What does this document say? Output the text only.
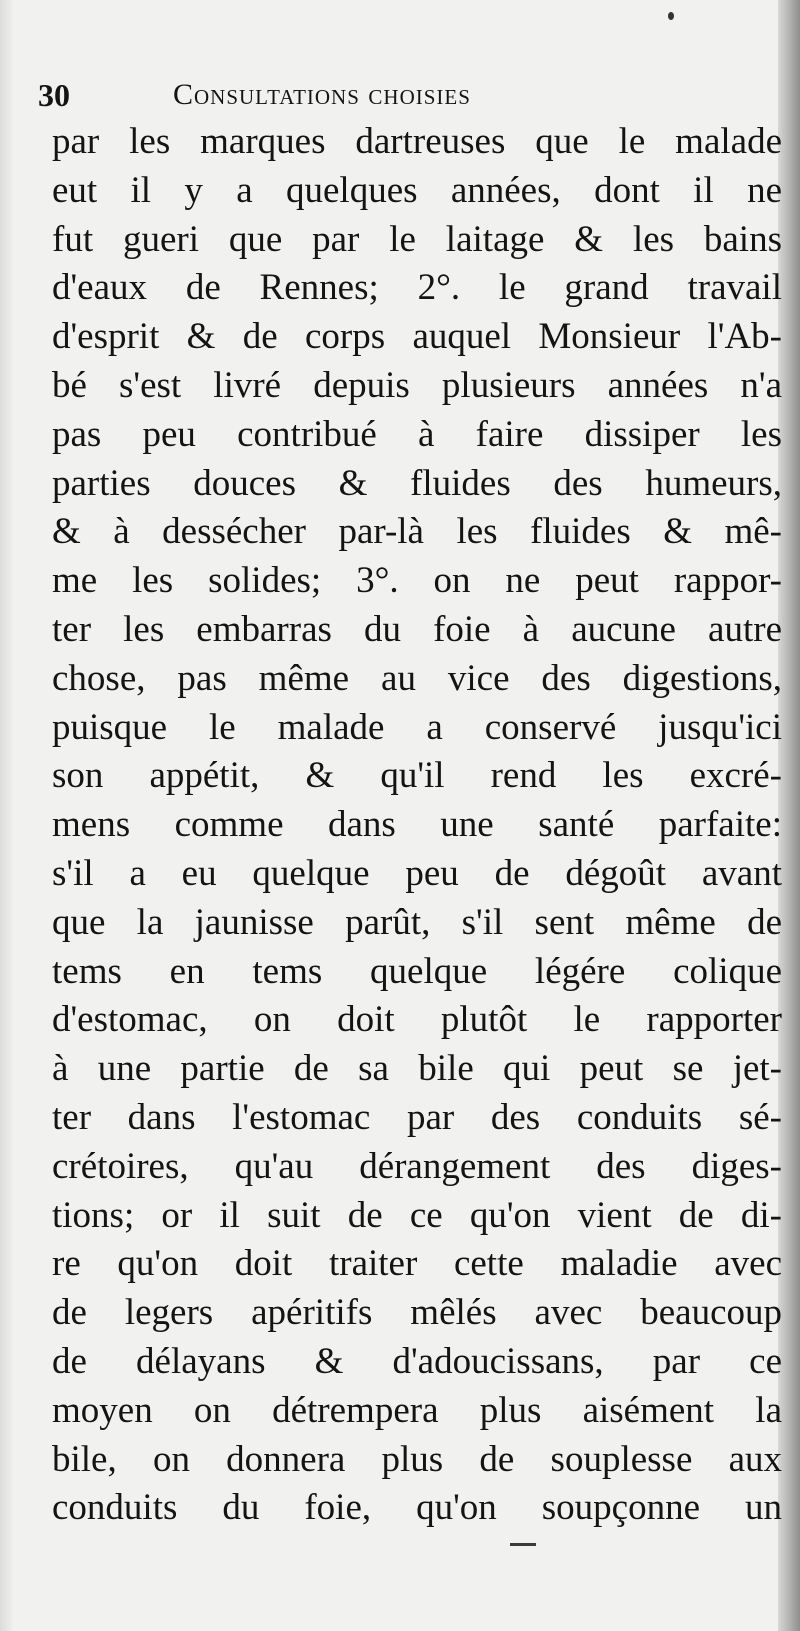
30	Consultations choisies
par les marques dartreuses que le malade
eut il y a quelques années, dont il ne
fut gueri que par le laitage & les bains
d'eaux de Rennes; 2°. le grand travail
d'esprit & de corps auquel Monsieur l'Ab-
bé s'est livré depuis plusieurs années n'a
pas peu contribué à faire dissiper les
parties douces & fluides des humeurs,
& à dessécher par-là les fluides & mê-
me les solides; 3°. on ne peut rappor-
ter les embarras du foie à aucune autre
chose, pas même au vice des digestions,
puisque le malade a conservé jusqu'ici
son appétit, & qu'il rend les excré-
mens comme dans une santé parfaite:
s'il a eu quelque peu de dégoût avant
que la jaunisse parût, s'il sent même de
tems en tems quelque légére colique
d'estomac, on doit plutôt le rapporter
à une partie de sa bile qui peut se jet-
ter dans l'estomac par des conduits sé-
crétoires, qu'au dérangement des diges-
tions; or il suit de ce qu'on vient de di-
re qu'on doit traiter cette maladie avec
de legers apéritifs mêlés avec beaucoup
de délayans & d'adoucissans, par ce
moyen on détrempera plus aisément la
bile, on donnera plus de souplesse aux
conduits du foie, qu'on soupçonne un
